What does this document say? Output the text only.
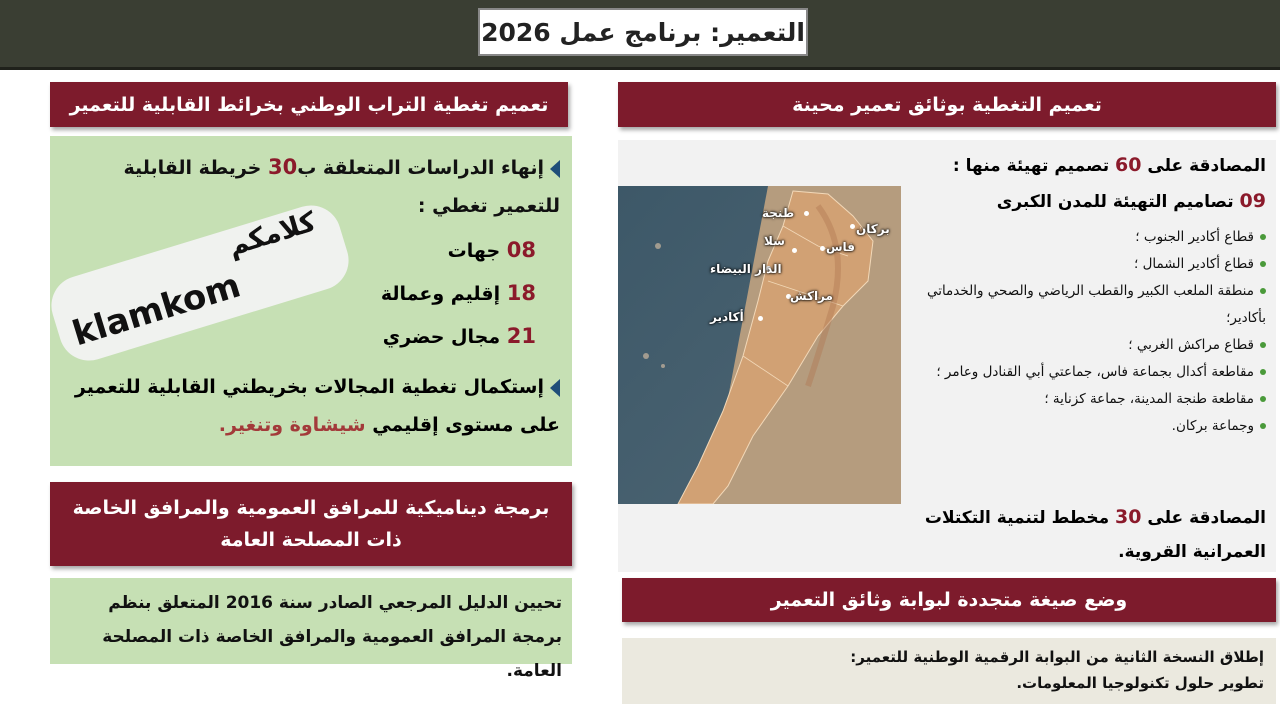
التعمير: برنامج عمل 2026
تعميم تغطية التراب الوطني بخرائط القابلية للتعمير
إنهاء الدراسات المتعلقة ب30 خريطة القابلية للتعمير تغطي :
08 جهات
18 إقليم وعمالة
21 مجال حضري
إستكمال تغطية المجالات بخريطتي القابلية للتعمير على مستوى إقليمي شيشاوة وتنغير.
كلامكم
klamkom
برمجة ديناميكية للمرافق العمومية والمرافق الخاصة ذات المصلحة العامة
تحيين الدليل المرجعي الصادر سنة 2016 المتعلق بنظم برمجة المرافق العمومية والمرافق الخاصة ذات المصلحة العامة.
تعميم التغطية بوثائق تعمير محينة
المصادقة على 60 تصميم تهيئة منها :
09 تصاميم التهيئة للمدن الكبرى
قطاع أكادير الجنوب ؛
قطاع أكادير الشمال ؛
منطقة الملعب الكبير والقطب الرياضي والصحي والخدماتي بأكادير؛
قطاع مراكش الغربي ؛
مقاطعة أكدال بجماعة فاس، جماعتي أبي القنادل وعامر ؛
مقاطعة طنجة المدينة، جماعة كزناية ؛
وجماعة بركان.
المصادقة على 30 مخطط لتنمية التكتلات العمرانية القروية.
طنجة
بركان
سلا	فاس
الدار البيضاء
مراكش
أكادير
وضع صيغة متجددة لبوابة وثائق التعمير
إطلاق النسخة الثانية من البوابة الرقمية الوطنية للتعمير:
تطوير حلول تكنولوجيا المعلومات.
